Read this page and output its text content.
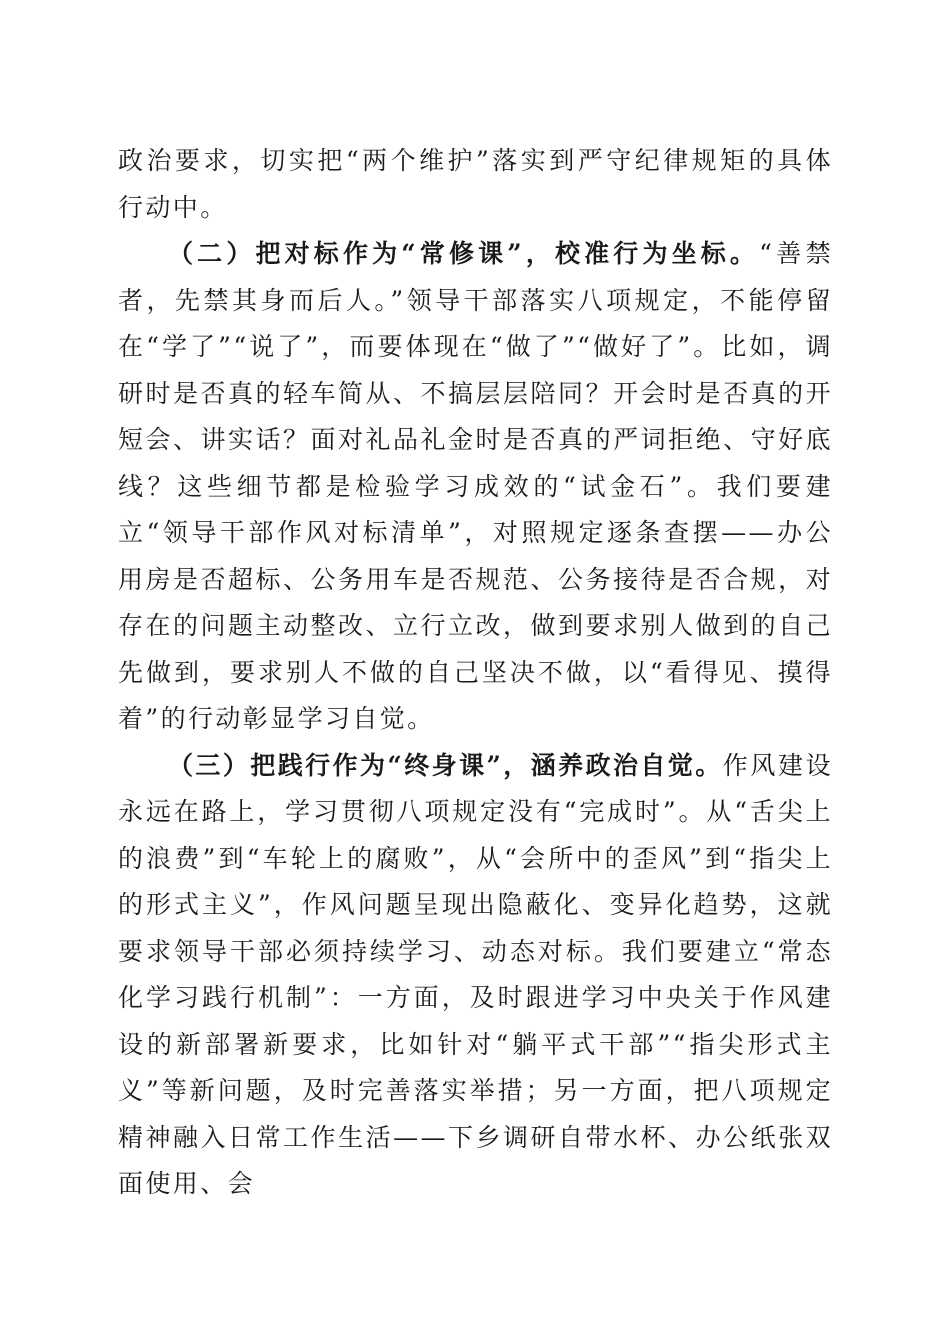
政治要求，切实把“两个维护”落实到严守纪律规矩的具体行动中。

（二）把对标作为“常修课”，校准行为坐标。“善禁者，先禁其身而后人。”领导干部落实八项规定，不能停留在“学了”“说了”，而要体现在“做了”“做好了”。比如，调研时是否真的轻车简从、不搞层层陪同？开会时是否真的开短会、讲实话？面对礼品礼金时是否真的严词拒绝、守好底线？这些细节都是检验学习成效的“试金石”。我们要建立“领导干部作风对标清单”，对照规定逐条查摆——办公用房是否超标、公务用车是否规范、公务接待是否合规，对存在的问题主动整改、立行立改，做到要求别人做到的自己先做到，要求别人不做的自己坚决不做，以“看得见、摸得着”的行动彰显学习自觉。

（三）把践行作为“终身课”，涵养政治自觉。作风建设永远在路上，学习贯彻八项规定没有“完成时”。从“舌尖上的浪费”到“车轮上的腐败”，从“会所中的歪风”到“指尖上的形式主义”，作风问题呈现出隐蔽化、变异化趋势，这就要求领导干部必须持续学习、动态对标。我们要建立“常态化学习践行机制”：一方面，及时跟进学习中央关于作风建设的新部署新要求，比如针对“躺平式干部”“指尖形式主义”等新问题，及时完善落实举措；另一方面，把八项规定精神融入日常工作生活——下乡调研自带水杯、办公纸张双面使用、会
